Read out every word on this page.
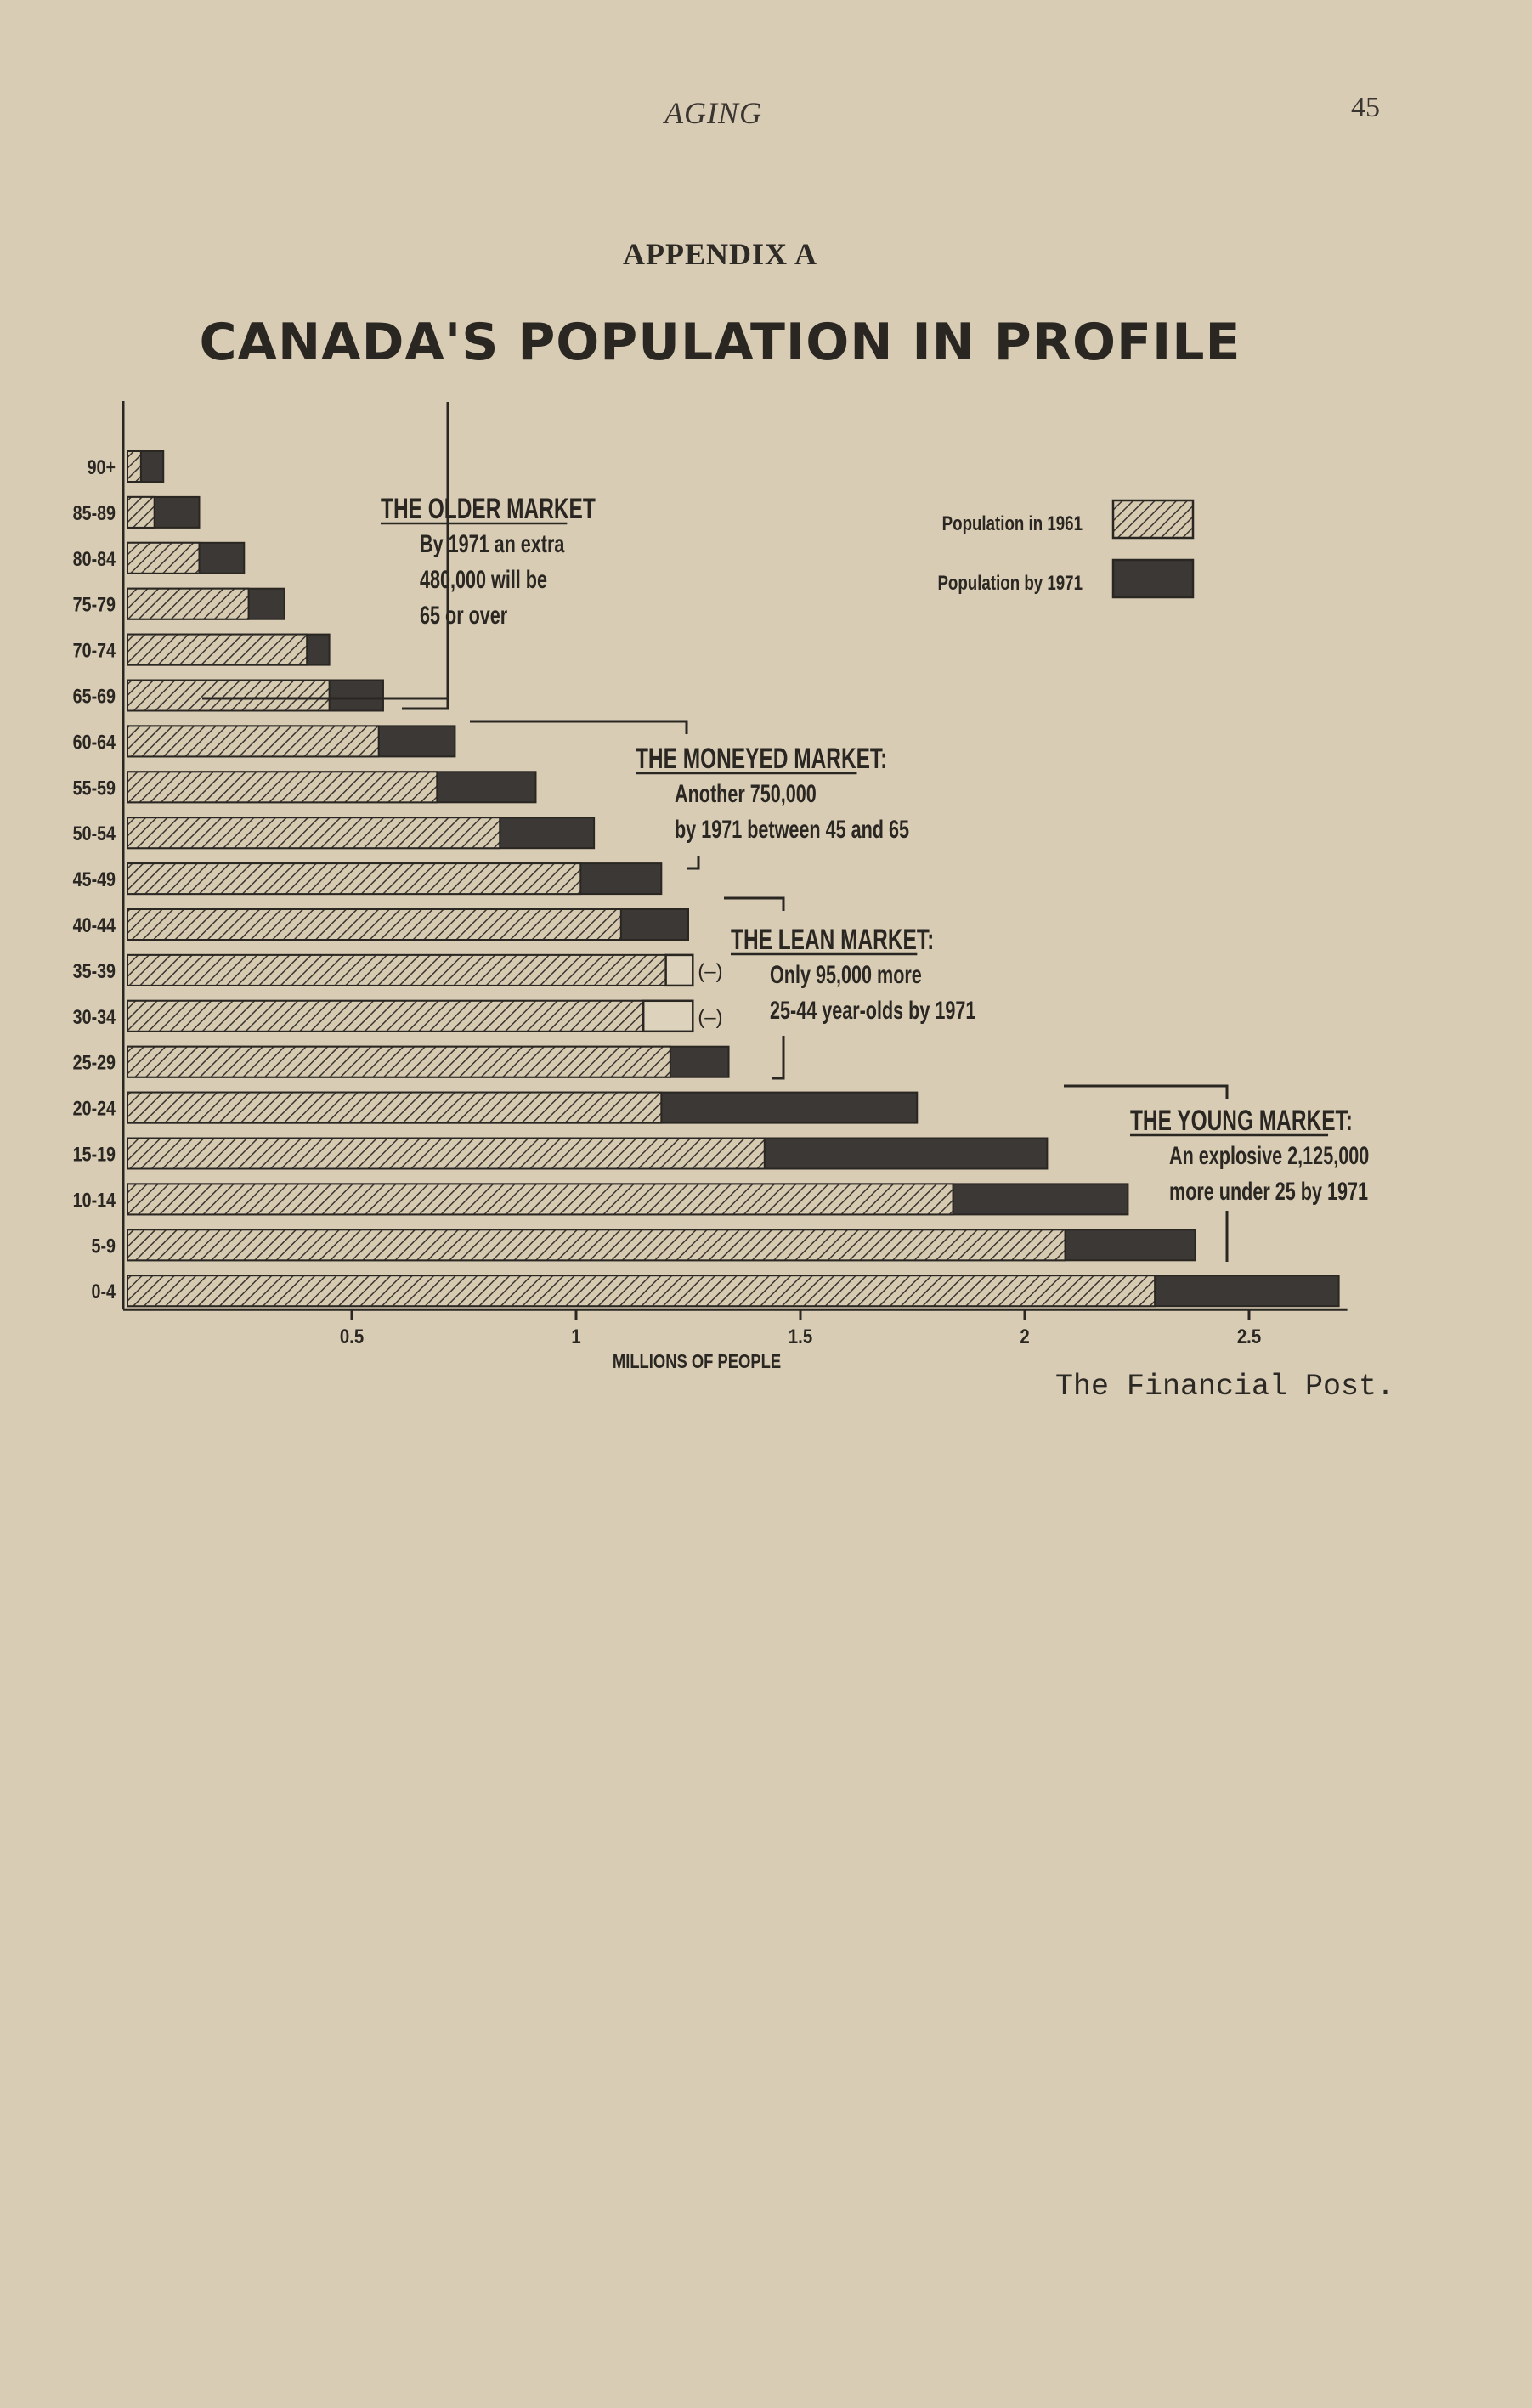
AGING	45
APPENDIX A
CANADA'S POPULATION IN PROFILE
90+
85-89
80-84
75-79
70-74
65-69
60-64
55-59
50-54
45-49
40-44
35-39
30-34
25-29
20-24
15-19
10-14
5-9
0-4
(–)
(–)
0.5	1	1.5	2	2.5
MILLIONS OF PEOPLE
Population in 1961
Population by 1971
THE OLDER MARKET
By 1971 an extra
480,000 will be
65 or over
THE MONEYED MARKET:
Another 750,000
by 1971 between 45 and 65
THE LEAN MARKET:
Only 95,000 more
25-44 year-olds by 1971
THE YOUNG MARKET:
An explosive 2,125,000
more under 25 by 1971
The Financial Post.
